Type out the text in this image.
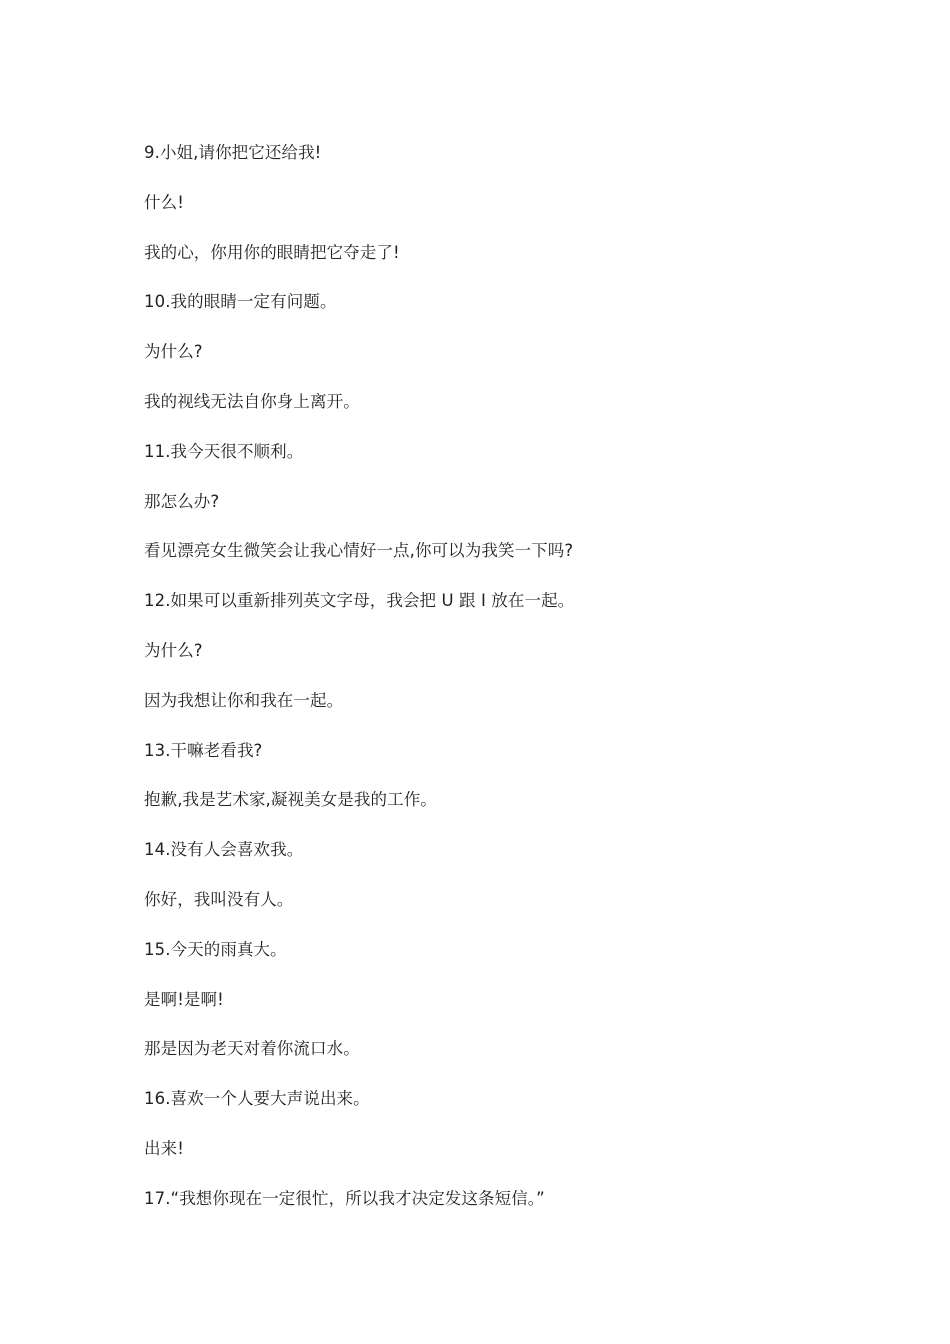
9.小姐,请你把它还给我!
什么!
我的心，你用你的眼睛把它夺走了!
10.我的眼睛一定有问题。
为什么?
我的视线无法自你身上离开。
11.我今天很不顺利。
那怎么办?
看见漂亮女生微笑会让我心情好一点,你可以为我笑一下吗?
12.如果可以重新排列英文字母，我会把 U 跟 I 放在一起。
为什么?
因为我想让你和我在一起。
13.干嘛老看我?
抱歉,我是艺术家,凝视美女是我的工作。
14.没有人会喜欢我。
你好，我叫没有人。
15.今天的雨真大。
是啊!是啊!
那是因为老天对着你流口水。
16.喜欢一个人要大声说出来。
出来!
17.“我想你现在一定很忙，所以我才决定发这条短信。”
